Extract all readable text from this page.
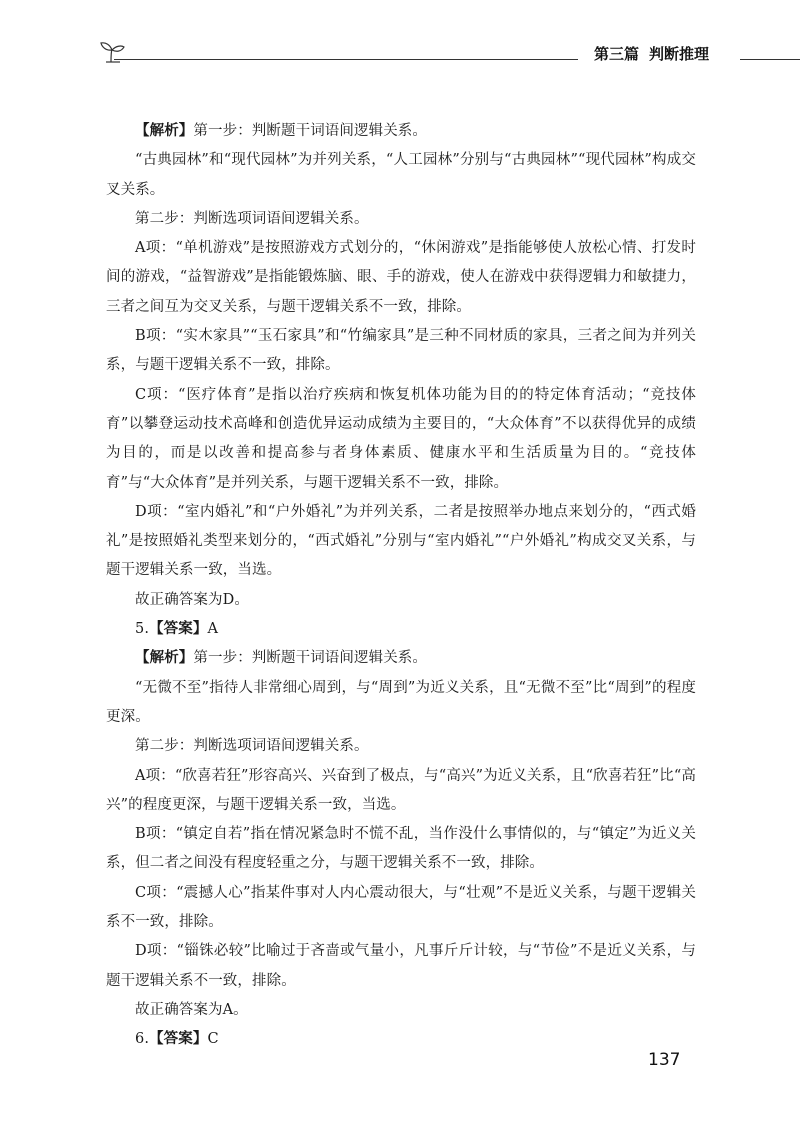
第三篇 判断推理

【解析】第一步：判断题干词语间逻辑关系。

“古典园林”和“现代园林”为并列关系，“人工园林”分别与“古典园林”“现代园林”构成交叉关系。

第二步：判断选项词语间逻辑关系。

A项：“单机游戏”是按照游戏方式划分的，“休闲游戏”是指能够使人放松心情、打发时间的游戏，“益智游戏”是指能锻炼脑、眼、手的游戏，使人在游戏中获得逻辑力和敏捷力，三者之间互为交叉关系，与题干逻辑关系不一致，排除。

B项：“实木家具”“玉石家具”和“竹编家具”是三种不同材质的家具，三者之间为并列关系，与题干逻辑关系不一致，排除。

C项：“医疗体育”是指以治疗疾病和恢复机体功能为目的的特定体育活动；“竞技体育”以攀登运动技术高峰和创造优异运动成绩为主要目的，“大众体育”不以获得优异的成绩为目的，而是以改善和提高参与者身体素质、健康水平和生活质量为目的。“竞技体育”与“大众体育”是并列关系，与题干逻辑关系不一致，排除。

D项：“室内婚礼”和“户外婚礼”为并列关系，二者是按照举办地点来划分的，“西式婚礼”是按照婚礼类型来划分的，“西式婚礼”分别与“室内婚礼”“户外婚礼”构成交叉关系，与题干逻辑关系一致，当选。

故正确答案为D。

5.【答案】A

【解析】第一步：判断题干词语间逻辑关系。

“无微不至”指待人非常细心周到，与“周到”为近义关系，且“无微不至”比“周到”的程度更深。

第二步：判断选项词语间逻辑关系。

A项：“欣喜若狂”形容高兴、兴奋到了极点，与“高兴”为近义关系，且“欣喜若狂”比“高兴”的程度更深，与题干逻辑关系一致，当选。

B项：“镇定自若”指在情况紧急时不慌不乱，当作没什么事情似的，与“镇定”为近义关系，但二者之间没有程度轻重之分，与题干逻辑关系不一致，排除。

C项：“震撼人心”指某件事对人内心震动很大，与“壮观”不是近义关系，与题干逻辑关系不一致，排除。

D项：“锱铢必较”比喻过于吝啬或气量小，凡事斤斤计较，与“节俭”不是近义关系，与题干逻辑关系不一致，排除。

故正确答案为A。

6.【答案】C

137
